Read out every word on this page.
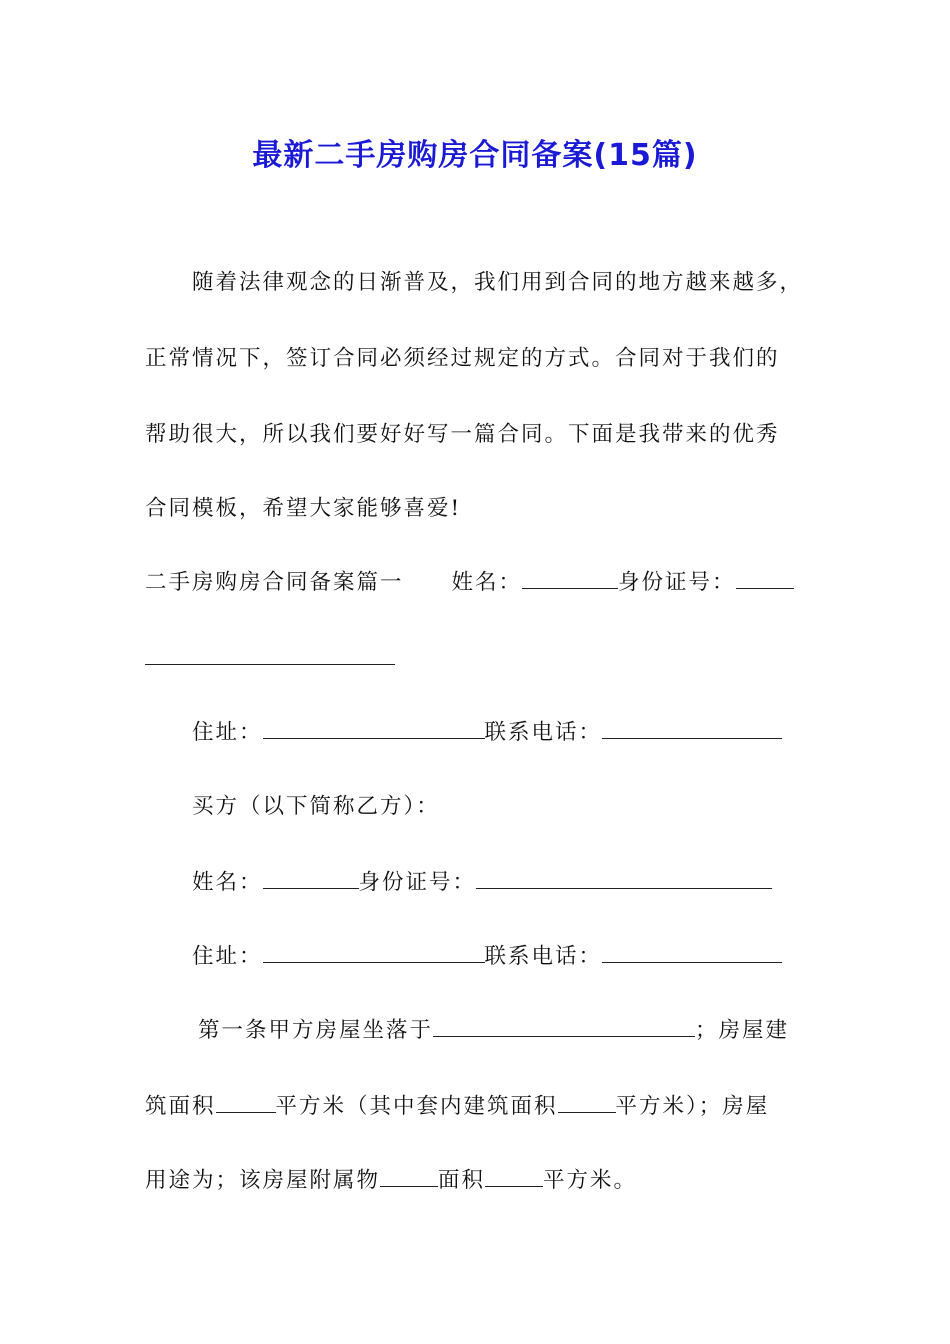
最新二手房购房合同备案(15篇)
随着法律观念的日渐普及，我们用到合同的地方越来越多，
正常情况下，签订合同必须经过规定的方式。合同对于我们的
帮助很大，所以我们要好好写一篇合同。下面是我带来的优秀
合同模板，希望大家能够喜爱!
二手房购房合同备案篇一 姓名：	身份证号：
住址：	联系电话：
买方（以下简称乙方）：
姓名：	身份证号：
住址：	联系电话：
第一条甲方房屋坐落于	；房屋建
筑面积	平方米（其中套内建筑面积	平方米）；房屋
用途为；该房屋附属物	面积	平方米。
